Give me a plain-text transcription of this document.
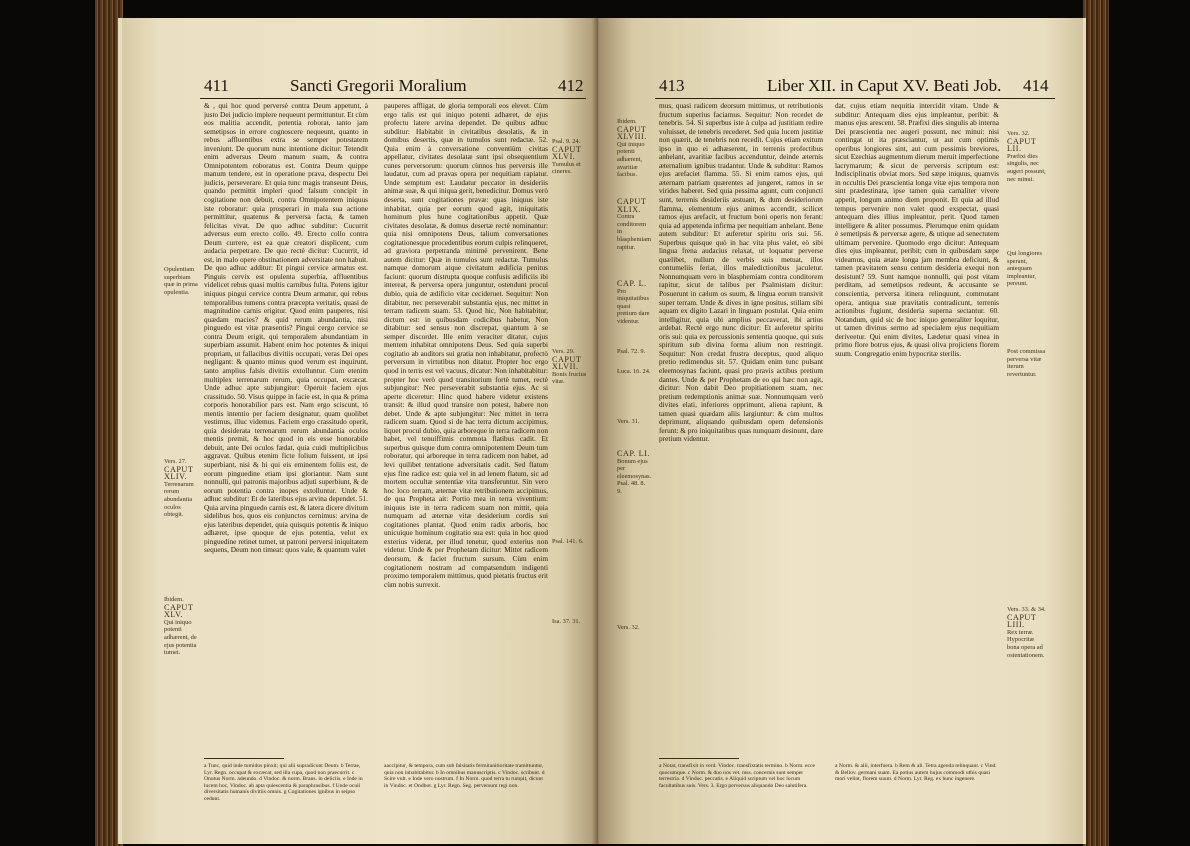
411	Sancti Gregorii Moralium	412
Opulentiam superbiam quæ in prima opulentia.
Vers. 27.
CAPUT XLIV.
Terrenarum rerum abundantia oculos obtegit.
Ibidem.
CAPUT XLV.
Qui iniquo potenti adhærent, de ejus potentia tumet.

& , qui hoc quod perversè contra Deum appetunt, à justo Dei judicio implere nequeunt permittuntur. Et cùm eos malitia accendit, potentia roborat, tanto jam semetipsos in errore cognoscere nequeunt, quanto in rebus affluentibus extra se semper potestatem inveniunt. De quorum nunc intentione dicitur: Tetendit enim adversus Deum manum suam, & contra Omnipotentem roboratus est. Contra Deum quippe manum tendere, est in operatione prava, despectu Dei judicis, perseverare. Et quia tunc magis transeunt Deus, quando permittit impleri quod falsum concipit in cogitatione non debuit, contra Omnipotentem iniquus iste roboratur: quia prosperari in mala sua actione permittitur, quatenus & perversa facta, & tamen felicitas vivat. De quo adhuc subditur: Cucurrit adversus eum erecto collo. 49. Erecto collo contra Deum currere, est ea quæ creatori displicent, cum audacia perpetrare. De quo rectè dicitur: Cucurrit, id est, in malo opere obstinationem adversitate non habuit. De quo adhuc additur: Et pingui cervice armatus est. Pinguis cervix est opulenta superbia, affluentibus videlicet rebus quasi multis carnibus fulta. Potens igitur iniquus pingui cervice contra Deum armatur, qui rebus temporalibus tumens contra præcepta veritatis, quasi de magnitudine carnis erigitur. Quod enim pauperes, nisi quædam macies? & quid rerum abundantia, nisi pinguedo est vitæ præsentis? Pingui cergo cervice se contra Deum erigit, qui temporalem abundantiam in superbiam assumit. Habent enim hoc potentes & iniqui propriam, ut fallacibus divitiis occupati, veras Dei opes negligant: & quanto minus quod verum est inquirunt, tanto amplius falsis divitiis extolluntur. Cum etenim multiplex terrenarum rerum, quia occupat, excæcat. Unde adhuc apte subjungitur: Operuit faciem ejus crassitudo. 50. Visus quippe in facie est, in qua & prima corporis honorabilior pars est. Nam ergo sciscunt, tó mentis intentio per faciem designatur, quam quolibet vestimus, illuc videmus. Faciem ergo crassitudo operit, quia desiderata terrenarum rerum abundantia oculos mentis premit, & hoc quod in eis esse honorabile debuit, ante Dei oculos fædat, quia cuidi multiplicibus aggravat. Quibus etenim ficte folium fuissent, ut ipsi superbiant, nisi & hi qui eis eminentem foliis est, de eorum pinguedine etiam ipsi gloriantur. Nam sunt nonnulli, qui patronis majoribus adjuti superbiunt, & de eorum potentia contra inopes extolluntur. Unde & adhuc subditur: Et de lateribus ejus arvina dependet. 51. Quia arvina pinguedo carnis est, & latera dicere divitum sidelibus hos, quos eis conjunctos cernimus: arvina de ejus lateribus dependet, quia quisquis potentis & iniquo adhæret, ipse quoque de ejus potentia, velut ex pinguedine retinet tumet, ut patroni perversi iniquitatem sequens, Deum non timeat: quos vale, & quantum valet

pauperes affligat, de gloria temporali eos elevet. Cùm ergo talis est qui iniquo potenti adhæret, de ejus profectu latere arvina dependet. De quibus adhuc subditur: Habitabit in civitatibus desolatis, & in domibus desertis, quæ in tumulos sunt redactæ. 52. Quia enim à conversatione conventiùm civitas appellatur, civitates desolatæ sunt ipsi obsequentium cunes perversorum: quorum cùnnos hus perversis ille laudatur, cum ad pravas opera per nequitiam rapiatur. Unde semptum est: Laudatur peccator in desideriis animæ suæ, & qui iniqua gerit, benedicitur. Domus verò deserta, sunt cogitationes pravæ: quas iniquus iste inhabitat, quia per eorum quod agit, iniquitatis hominum plus hune cogitationibus appetit. Quæ civitates desolatæ, & domus desertæ rectè nominantur: quia nisi omnipotens Deus, talium conversationes cogitationesque procedentibus eorum culpis relinqueret, ad graviora perpetranda minimè pervenirent. Bene autem dicitur: Quæ in tumulos sunt redactæ. Tumulus namque domorum atque civitatum ædificia penitus faciunt: quorum distrupta quoque confusis ædificiis ibi intereat, & perversa opera junguntur, ostendunt procul dubio, quia de ædificio vitæ cecideruet. Sequitur: Non ditabitur, nec perseverabit substantia ejus, nec mittet in terram radicem suam. 53. Quod hic, Non habitabitur, dictum est: in quibusdam codicibus habetur, Non ditabitur: sed sensus non discrepat, quantum à se semper discordet. Ille enim veraciter ditatur, cujus mentem inhabitat omnipotens Deus. Sed quia superbi cogitatio ab auditors sui gratia non inhabitatur, profectò perversum in virtutibus non ditatur. Propter hoc ergo quod in terris est vel vacuus, dicatur: Non inhabitabitur: propter hoc verò quod transitorium fortè tumet, rectè subjungitur: Nec perseverabit substantia ejus. Ac si aperte diceretur: Hinc quod habere videtur existens transit: & illud quod transire non potest, habere non debet. Unde & apte subjungitur: Nec mittet in terra radicem suam. Quod si de hac terra dictum accipimus, liquet procul dubio, quia arboreque in terra radicem non habet, vel tenuiffimis commota flatibus cadit. Et superbus quisque dum contra omnipotentem Deum tum roboratur, qui arboreque in terra radicem non habet, ad levi quilibet tentatione adversitatis cadit. Sed flatum ejus fine radice est: quia vel in ad lenem flatum, sic ad mortem occultæ sententiæ vita transferuntur. Sin vero hoc loco terram, æternæ vitæ retributionem accipimus, de qua Propheta ait: Portio mea in terra viventium: iniquus iste in terra radicem suam non mittit, quia numquam ad æternæ vitæ desiderium cordis sui cogitationes plantat. Quod enim radix arboris, hoc unicuique hominum cogitatio sua est: quia in hoc quod exterius viderat, per illud tenetur, quod exterius non videtur. Unde & per Prophetam dicitur: Mittet radicem deorsum, & faciet fructum sursum. Cùm enim cogitationem nostram ad compatsendum indigenti proximo temporalem mittimus, quod pietatis fructus erit cùm nobis surrexit.

Psal. 9. 24.
CAPUT XLVI.
Tumulus et cineres.
Vers. 29.
CAPUT XLVII.
Bonis fructus vitæ.
Psal. 141. 6.
Isa. 37. 31.

a Tunc, quid inde tumidus pinxit; qui alii supradicunt Deum. b Terrae, Lyr. Regn. occupat & excæcat, sed illa cupa, quod non praecurrit. c Onutus Norm. adeundo. d Vindoc. & norm. Brans. in deliciis. e Inde in lucem hoc, Vindoc. ab apta quiescentia & paraphrasibus. f Unde oculi diversitatis humanis divitiis omnis. g Cogitationes ignibus in seipso cedunt.

aaccipitur, & tempora, cum sub falsitatis fermitanitioritate tramittuntur, quia non inhabitabitur. b In omnibus manuscriptis. c Vindoc. scribunt. d Scire vult. e Inde vero nostrum. f In Norm. quod terra tu rumpit, dicunt in Vindoc. et Ondbot. g Lyr. Regn. Seg. perversum regi non.

413	Liber XII. in Caput XV. Beati Job. 414
Ibidem.
CAPUT XLVIII.
Qui iniquo potenti adhærent, avaritiæ facibus.
CAPUT XLIX.
Contra conditorem in blasphemiam rapitur.
CAP. L.
Pro iniquitatibus quasi pretium dare videntur.
Psal. 72. 9.
Luca. 16. 24.
Vers. 31.
CAP. LI.
Bonum ejus per eleemosynas.
Psal. 48. 8. 9.
Vers. 32.

mus, quasi radicem deorsum mittimus, ut retributionis fructum superius faciamus. Sequitur: Non recedet de tenebris. 54. Si superbus iste à culpa ad justitiam redire voluisset, de tenebris recederet. Sed quia lucem justitiæ non quærit, de tenebris non recedit. Cujus etiam exitum ipso in quo ei adhæserent, in terrenis profectibus anhelant, avaritiæ facibus accenduntur, deinde æternis æternalium ignibus tradantur. Unde & subditur: Ramos ejus arefaciet flamma. 55. Si enim ramos ejus, qui æternam patriam quærentes ad jungeret, ramos in se virides haberet. Sed quia pessima agunt, cum conjuncti sunt, terrenis desideriis æstuant, & dum desideriorum flamma, elementum ejus animos accendit, scilicet ramos ejus arefacit, ut fructum boni operis non ferant: quia ad appetenda infirma per nequitiam anhelant. Bene autem subditur: Et auferetur spiritu oris sui. 56. Superbus quisque quò in hac vita plus valet, eò sibi lingua frena audacius relaxat, ut loquatur perverse quælibet, nullum de verbis suis metuat, illos contumeliis feriat, illos maledictionibus jaculetur. Nonnumquam vero in blasphemiam contra conditorem rapitur, sicut de talibus per Psalmistam dicitur: Posuerunt in cælum os suum, & lingua eorum transivit super terram. Unde & dives in igne positus, stillam sibi aquam ex digito Lazari in linguam postulat. Quia enim intelligitur, quia ubi amplius peccaverat, ibi artius ardebat. Rectè ergo nunc dicitur: Et auferetur spiritu oris sui: quia ex percussionis sententia quoque, qui suis spiritum sub divina forma alium non restringit. Sequitur: Non credat frustra deceptus, quod aliquo pretio redimendus sit. 57. Quidam enim tunc pulsant eleemosynas faciunt, quasi pro pravis actibus pretium dantes. Unde & per Prophetam de eo qui hæc non agit, dicitur: Non dabit Deo propitiationem suam, nec pretium redemptionis animæ suæ. Nonnumquam verò divites elati, inferiores opprimunt, aliena rapiunt, & tamen quasi quædam aliis largiuntur: & cùm multos deprimunt, aliquando quibusdam opem defensionis ferunt: & pro iniquitatibus quas nunquam desinunt, dare pretium videntur.

dat, cujus etiam nequitia intercidit vitam. Unde & subditur: Antequam dies ejus impleantur, peribit: & manus ejus arescent. 58. Præfixi dies singulis ab interna Dei præscientia nec augeri possunt, nec minui: nisi contingat ut ita præsciantur, ut aut cum optimis operibus longiores sint, aut cum pessimis breviores, sicut Ezechias augmentum dierum meruit imperfectione lacrymarum; & sicut de perversis scriptum est: Indisciplinatis obviat mors. Sed sæpe iniquus, quamvis in occultis Dei præscientia longa vitæ ejus tempora non sint prædestinata, ipse tamen quia carnaliter vivere appetit, longum animo diem proponit. Et quia ad illud tempus pervenire non valet quod exspectat, quasi antequam dies illius impleantur, perit. Quod tamen intelligere & aliter possumus. Plerumque enim quidam è semetipsis & perversæ agere, & utique ad senectutem ultimam pervenire. Quomodo ergo dicitur: Antequam dies ejus impleantur, peribit; cum in quibusdam sæpe videamus, quia ætate longa jam membra deficiunt, & tamen pravitatem sensu centum desideria exequi non desistunt? 59. Sunt namque nonnulli, qui post vitam perditam, ad semetipsos redeunt, & accusante se conscientia, perversa itinera relinquunt, commutant opera, antiqua suæ pravitatis contradicunt, terrenis actionibus fugiunt, desideria superna sectantur. 60. Notandum, quid sic de hoc iniquo generaliter loquitur, ut tamen divinus sermo ad specialem ejus nequitiam deriveetur. Qui enim divites, Lædetur quasi vinea in primo flore botrus ejus, & quasi oliva projiciens florem suum. Congregatio enim hypocritæ sterilis.

Vers. 32.
CAPUT LII.
Præfixi dies singulis, nec augeri possunt, nec minui.
Qui longiores sperant, antequam impleantur, pereunt.
Post commissa perversa vitæ iterum revertuntur.
Vers. 33. & 34.
CAPUT LIII.
Rex terræ. Hypocritæ bona opera ad ostentationem.

a Notat, transfixit in verd. Vindoc. transfixtatis termino. b Norm. ecce quocumque. c Norm. & duo nos vet. mss. concernis sunt semper terrestria. d Vindoc. peccatis. e Aliquid scriptum vel hoc locum facultatibus suis. Vers. 3. Ergo perversus aliquando Deo salutifera.

a Norm. & alii, interfuera. b Rem & ali. Tetra agenda relinquant. c Vind. & Bellov. germani suam. Ea potius autem hujus commodi uthis quasi mori velint, florem suum. d Norm. Lyr. Reg. ex hunc ingenere.
